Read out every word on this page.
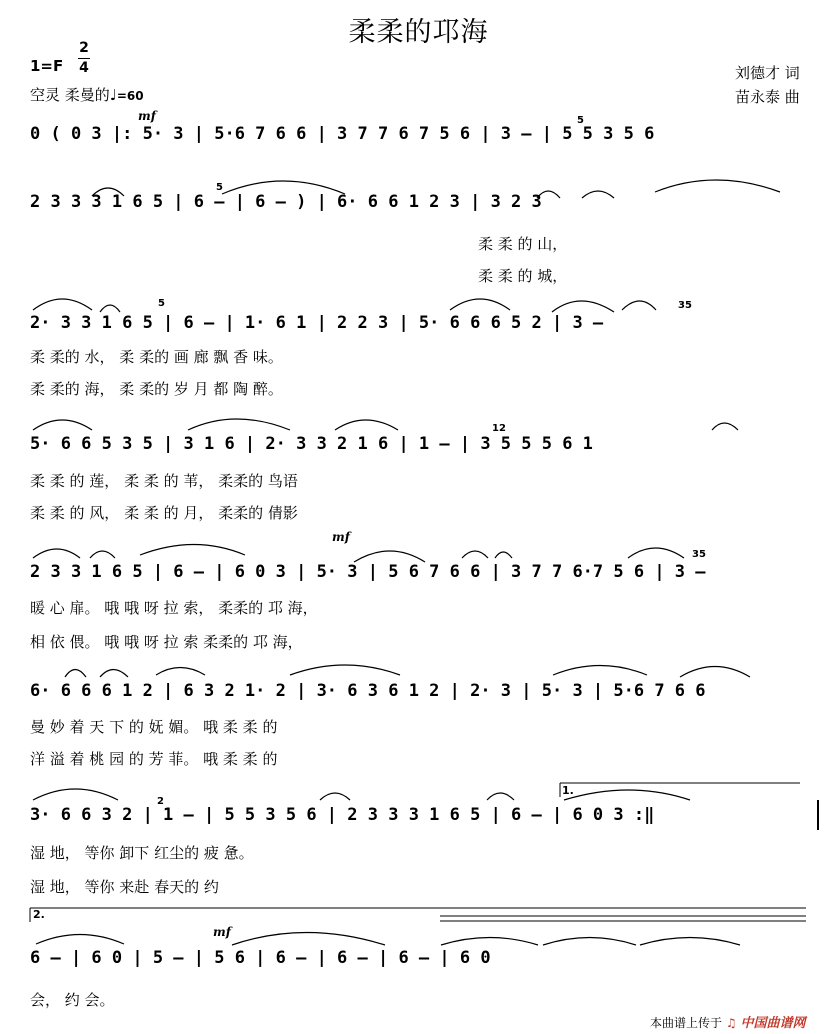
柔柔的邛海
1=F
2
4
空灵 柔曼的♩=60
刘德才 词
苗永泰 曲
mf
mf
mf
5
5
5	35
12
35
2
1.
2.
0 ( 0 3 |: 5· 3 | 5·6 7 6 6 | 3 7 7 6 7 5 6 | 3 – | 5 5 3 5 6
2 3 3 3 1 6 5 | 6 – | 6 – ) | 6· 6 6 1 2 3 | 3 2 3
柔 柔 的 山，
柔 柔 的 城，
2· 3 3 1 6 5 | 6 – | 1· 6 1 | 2 2 3 | 5· 6 6 6 5 2 | 3 –
柔 柔的 水， 柔 柔的 画 廊 飘 香 味。
柔 柔的 海， 柔 柔的 岁 月 都 陶 醉。
5· 6 6 5 3 5 | 3 1 6 | 2· 3 3 2 1 6 | 1 – | 3 5 5 5 6 1
柔 柔 的 莲， 柔 柔 的 苇， 柔柔的 鸟语
柔 柔 的 风， 柔 柔 的 月， 柔柔的 倩影
2 3 3 1 6 5 | 6 – | 6 0 3 | 5· 3 | 5 6 7 6 6 | 3 7 7 6·7 5 6 | 3 –
暖 心 扉。 哦 哦 呀 拉 索， 柔柔的 邛 海，
相 依 偎。 哦 哦 呀 拉 索 柔柔的 邛 海，
6· 6 6 6 1 2 | 6 3 2 1· 2 | 3· 6 3 6 1 2 | 2· 3 | 5· 3 | 5·6 7 6 6
曼 妙 着 天 下 的 妩 媚。 哦 柔 柔 的
洋 溢 着 桃 园 的 芳 菲。 哦 柔 柔 的
3· 6 6 3 2 | 1 – | 5 5 3 5 6 | 2 3 3 3 1 6 5 | 6 – | 6 0 3 :‖
湿 地， 等你 卸下 红尘的 疲 惫。
湿 地， 等你 来赴 春天的 约
6 – | 6 0 | 5 – | 5 6 | 6 – | 6 – | 6 – | 6 0
会， 约 会。
本曲谱上传于 ♫ 中国曲谱网
